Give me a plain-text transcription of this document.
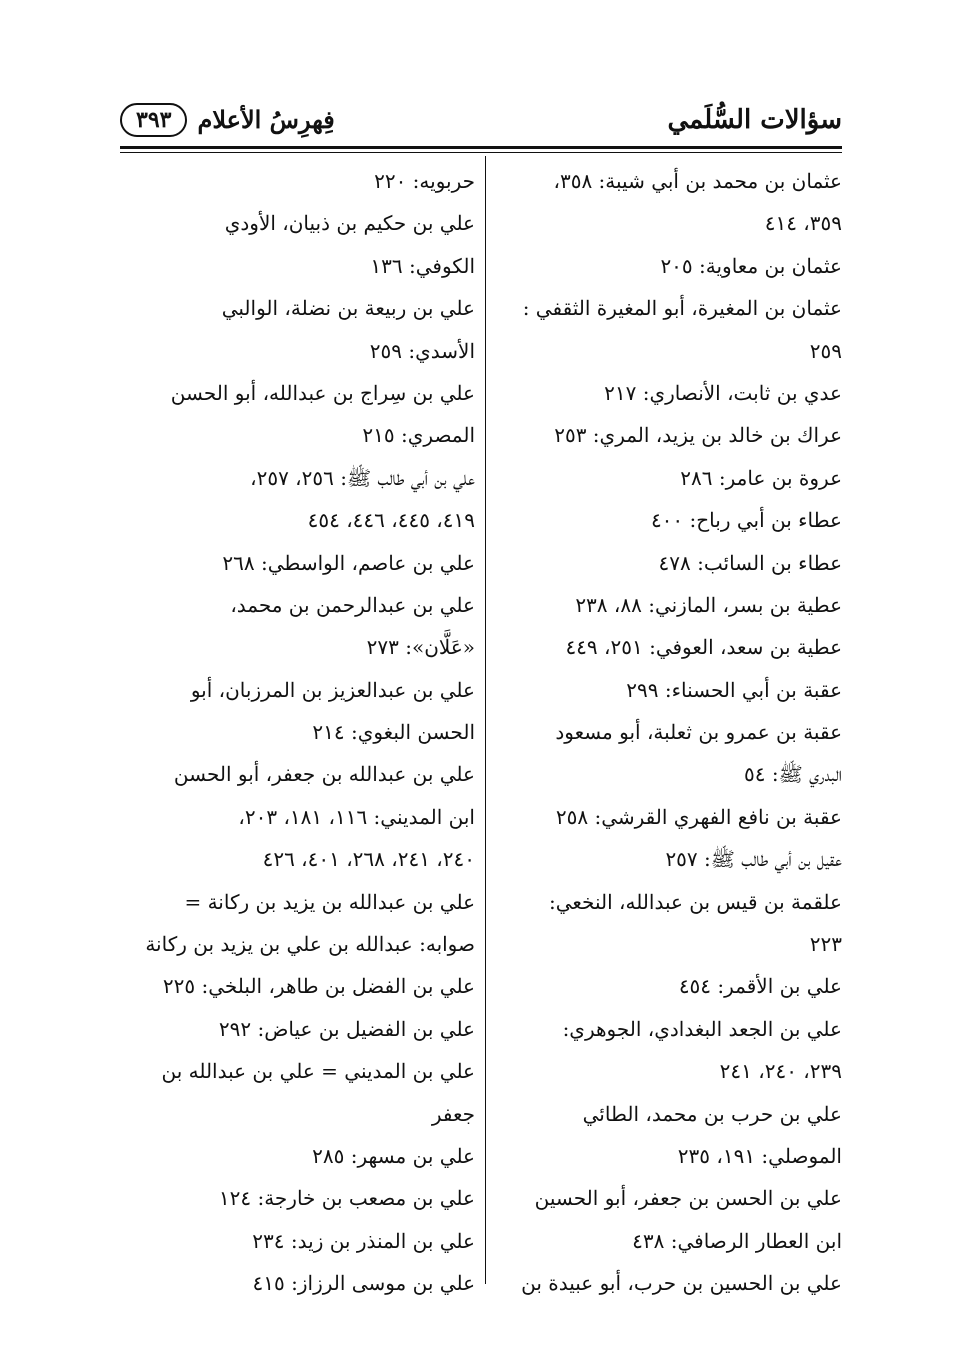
سؤالات السُّلَمي
فِهرِسُ الأعلام
٣٩٣
عثمان بن محمد بن أبي شيبة: ٣٥٨،
٣٥٩، ٤١٤
عثمان بن معاوية: ٢٠٥
عثمان بن المغيرة، أبو المغيرة الثقفي :
٢٥٩
عدي بن ثابت، الأنصاري: ٢١٧
عراك بن خالد بن يزيد، المري: ٢٥٣
عروة بن عامر: ٢٨٦
عطاء بن أبي رباح: ٤٠٠
عطاء بن السائب: ٤٧٨
عطية بن بسر، المازني: ٨٨، ٢٣٨
عطية بن سعد، العوفي: ٢٥١، ٤٤٩
عقبة بن أبي الحسناء: ٢٩٩
عقبة بن عمرو بن ثعلبة، أبو مسعود
البدري ﷺ: ٥٤
عقبة بن نافع الفهري القرشي: ٢٥٨
عقيل بن أبي طالب ﷺ: ٢٥٧
علقمة بن قيس بن عبدالله، النخعي:
٢٢٣
علي بن الأقمر: ٤٥٤
علي بن الجعد البغدادي، الجوهري:
٢٣٩، ٢٤٠، ٢٤١
علي بن حرب بن محمد، الطائي
الموصلي: ١٩١، ٢٣٥
علي بن الحسن بن جعفر، أبو الحسين
ابن العطار الرصافي: ٤٣٨
علي بن الحسين بن حرب، أبو عبيدة بن
حربويه: ٢٢٠
علي بن حكيم بن ذبيان، الأودي
الكوفي: ١٣٦
علي بن ربيعة بن نضلة، الوالبي
الأسدي: ٢٥٩
علي بن سِراج بن عبدالله، أبو الحسن
المصري: ٢١٥
علي بن أبي طالب ﷺ: ٢٥٦، ٢٥٧،
٤١٩، ٤٤٥، ٤٤٦، ٤٥٤
علي بن عاصم، الواسطي: ٢٦٨
علي بن عبدالرحمن بن محمد،
«عَلَّان»: ٢٧٣
علي بن عبدالعزيز بن المرزبان، أبو
الحسن البغوي: ٢١٤
علي بن عبدالله بن جعفر، أبو الحسن
ابن المديني: ١١٦، ١٨١، ٢٠٣،
٢٤٠، ٢٤١، ٢٦٨، ٤٠١، ٤٢٦
علي بن عبدالله بن يزيد بن ركانة =
صوابه: عبدالله بن علي بن يزيد بن ركانة
علي بن الفضل بن طاهر، البلخي: ٢٢٥
علي بن الفضيل بن عياض: ٢٩٢
علي بن المديني = علي بن عبدالله بن
جعفر
علي بن مسهر: ٢٨٥
علي بن مصعب بن خارجة: ١٢٤
علي بن المنذر بن زيد: ٢٣٤
علي بن موسى الرزاز: ٤١٥
